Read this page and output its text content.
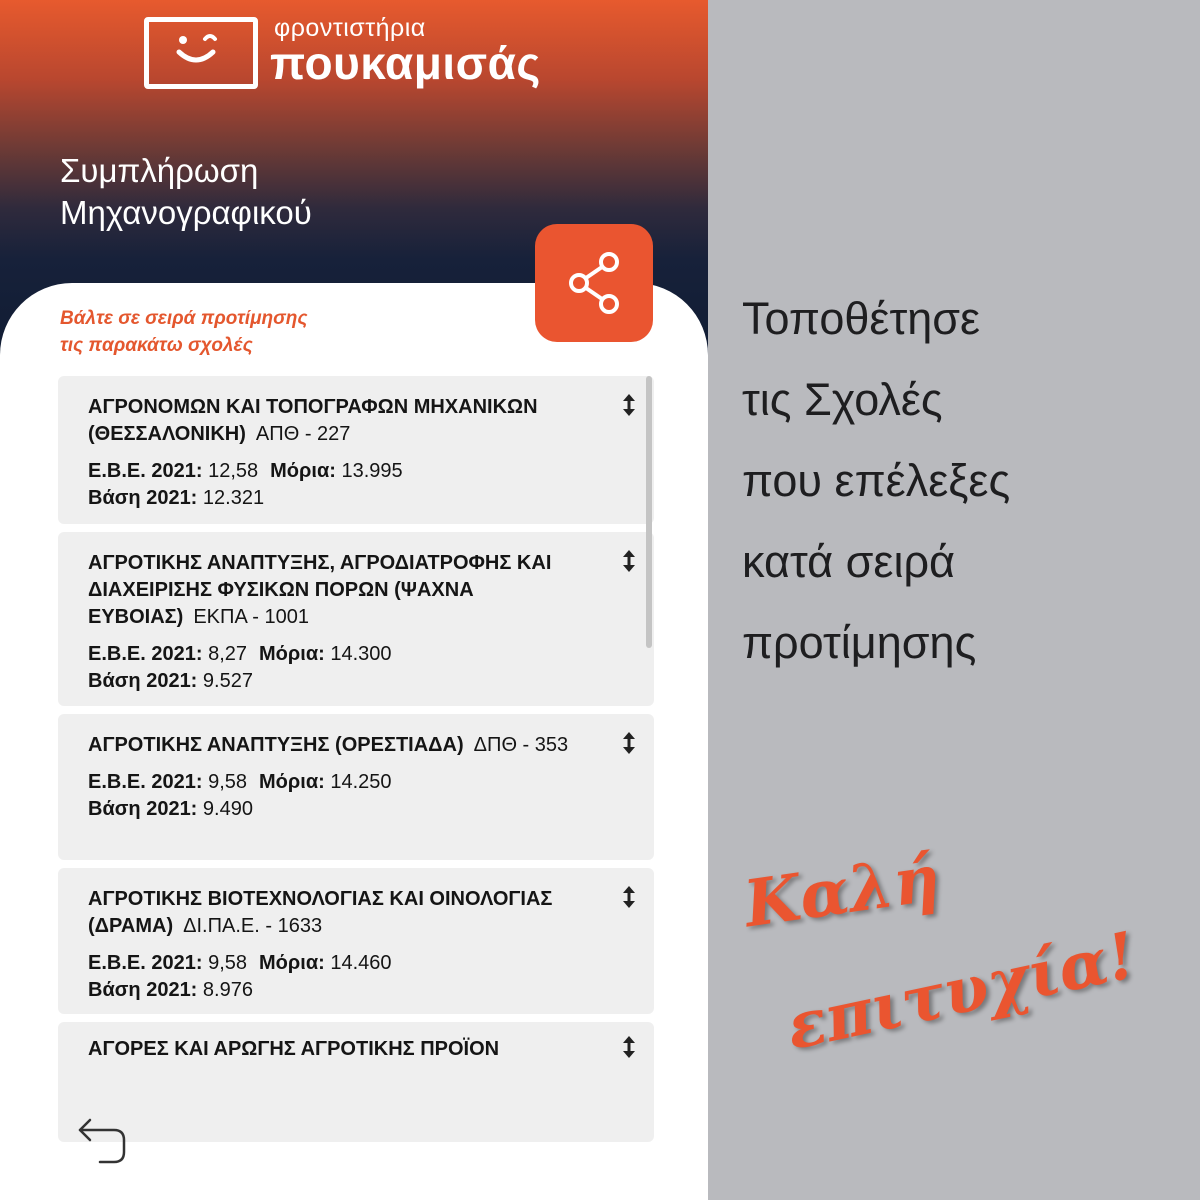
φροντιστήρια
πουκαμισάς
Συμπλήρωση
Μηχανογραφικού
Βάλτε σε σειρά προτίμησης
τις παρακάτω σχολές
ΑΓΡΟΝΟΜΩΝ ΚΑΙ ΤΟΠΟΓΡΑΦΩΝ ΜΗΧΑΝΙΚΩΝ (ΘΕΣΣΑΛΟΝΙΚΗ) ΑΠΘ - 227
Ε.Β.Ε. 2021: 12,58 Μόρια: 13.995
Βάση 2021: 12.321
ΑΓΡΟΤΙΚΗΣ ΑΝΑΠΤΥΞΗΣ, ΑΓΡΟΔΙΑΤΡΟΦΗΣ ΚΑΙ ΔΙΑΧΕΙΡΙΣΗΣ ΦΥΣΙΚΩΝ ΠΟΡΩΝ (ΨΑΧΝΑ ΕΥΒΟΙΑΣ) ΕΚΠΑ - 1001
Ε.Β.Ε. 2021: 8,27 Μόρια: 14.300
Βάση 2021: 9.527
ΑΓΡΟΤΙΚΗΣ ΑΝΑΠΤΥΞΗΣ (ΟΡΕΣΤΙΑΔΑ) ΔΠΘ - 353
Ε.Β.Ε. 2021: 9,58 Μόρια: 14.250
Βάση 2021: 9.490
ΑΓΡΟΤΙΚΗΣ ΒΙΟΤΕΧΝΟΛΟΓΙΑΣ ΚΑΙ ΟΙΝΟΛΟΓΙΑΣ (ΔΡΑΜΑ) ΔΙ.ΠΑ.Ε. - 1633
Ε.Β.Ε. 2021: 9,58 Μόρια: 14.460
Βάση 2021: 8.976
ΑΓΟΡΕΣ ΚΑΙ ΑΡΩΓΗΣ ΑΓΡΟΤΙΚΗΣ ΠΡΟΪΟΝ
Τοποθέτησε
τις Σχολές
που επέλεξες
κατά σειρά
προτίμησης
Καλή
επιτυχία!
